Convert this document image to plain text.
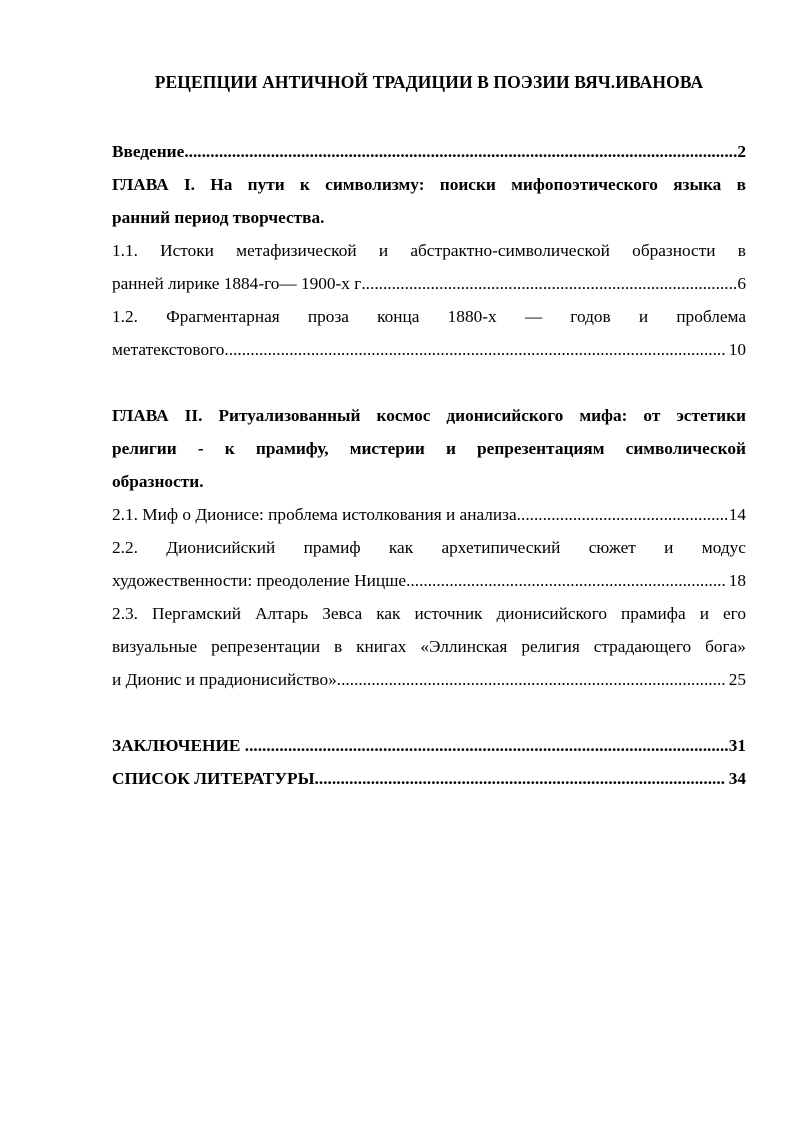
РЕЦЕПЦИИ АНТИЧНОЙ ТРАДИЦИИ В ПОЭЗИИ ВЯЧ.ИВАНОВА
Введение ................................................................................................................................ 2
ГЛАВА I. На пути к символизму: поиски мифопоэтического языка в
ранний период творчества.
1.1. Истоки метафизической и абстрактно-символической образности в
ранней лирике 1884-го— 1900-х г ....................................................................................... 6
1.2. Фрагментарная проза конца 1880-х — годов и проблема
метатекстового .................................................................................................................... 10
ГЛАВА II. Ритуализованный космос дионисийского мифа: от эстетики
религии - к прамифу, мистерии и репрезентациям символической
образности.
2.1. Миф о Дионисе: проблема истолкования и анализа ................................................. 14
2.2. Дионисийский прамиф как архетипический сюжет и модус
художественности: преодоление Ницше .......................................................................... 18
2.3. Пергамский Алтарь Зевса как источник дионисийского прамифа и его
визуальные репрезентации в книгах «Эллинская религия страдающего бога»
и Дионис и прадионисийство» .......................................................................................... 25
ЗАКЛЮЧЕНИЕ ................................................................................................................ 31
СПИСОК ЛИТЕРАТУРЫ ............................................................................................... 34
